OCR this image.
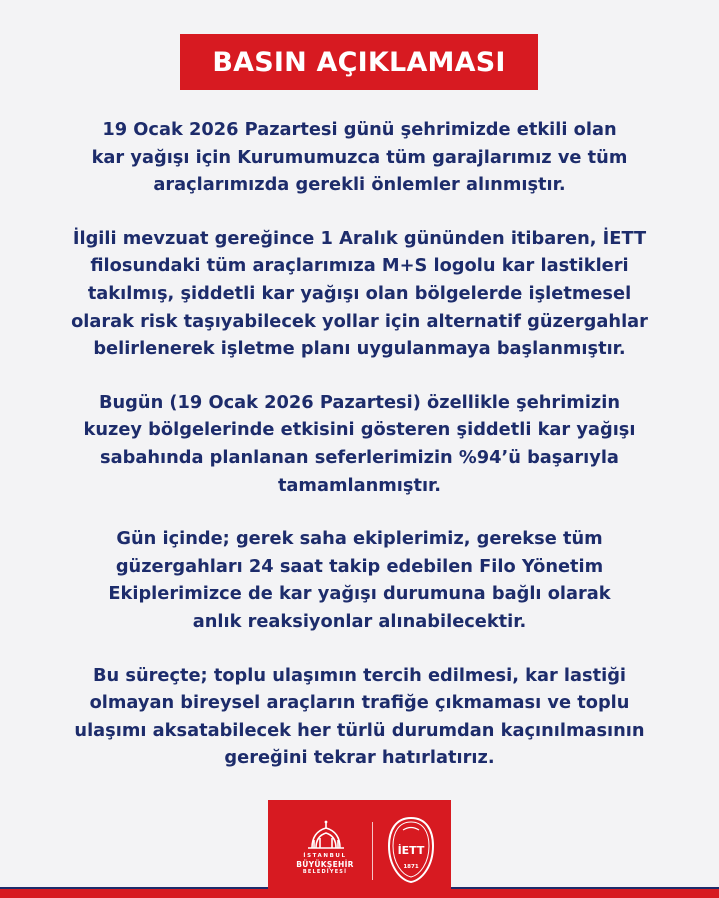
BASIN AÇIKLAMASI

19 Ocak 2026 Pazartesi günü şehrimizde etkili olan
kar yağışı için Kurumumuzca tüm garajlarımız ve tüm
araçlarımızda gerekli önlemler alınmıştır.

İlgili mevzuat gereğince 1 Aralık gününden itibaren, İETT
filosundaki tüm araçlarımıza M+S logolu kar lastikleri
takılmış, şiddetli kar yağışı olan bölgelerde işletmesel
olarak risk taşıyabilecek yollar için alternatif güzergahlar
belirlenerek işletme planı uygulanmaya başlanmıştır.

Bugün (19 Ocak 2026 Pazartesi) özellikle şehrimizin
kuzey bölgelerinde etkisini gösteren şiddetli kar yağışı
sabahında planlanan seferlerimizin %94’ü başarıyla
tamamlanmıştır.

Gün içinde; gerek saha ekiplerimiz, gerekse tüm
güzergahları 24 saat takip edebilen Filo Yönetim
Ekiplerimizce de kar yağışı durumuna bağlı olarak
anlık reaksiyonlar alınabilecektir.

Bu süreçte; toplu ulaşımın tercih edilmesi, kar lastiği
olmayan bireysel araçların trafiğe çıkmaması ve toplu
ulaşımı aksatabilecek her türlü durumdan kaçınılmasının
gereğini tekrar hatırlatırız.

İSTANBUL
BÜYÜKŞEHİR
BELEDİYESİ
İETT
1871
